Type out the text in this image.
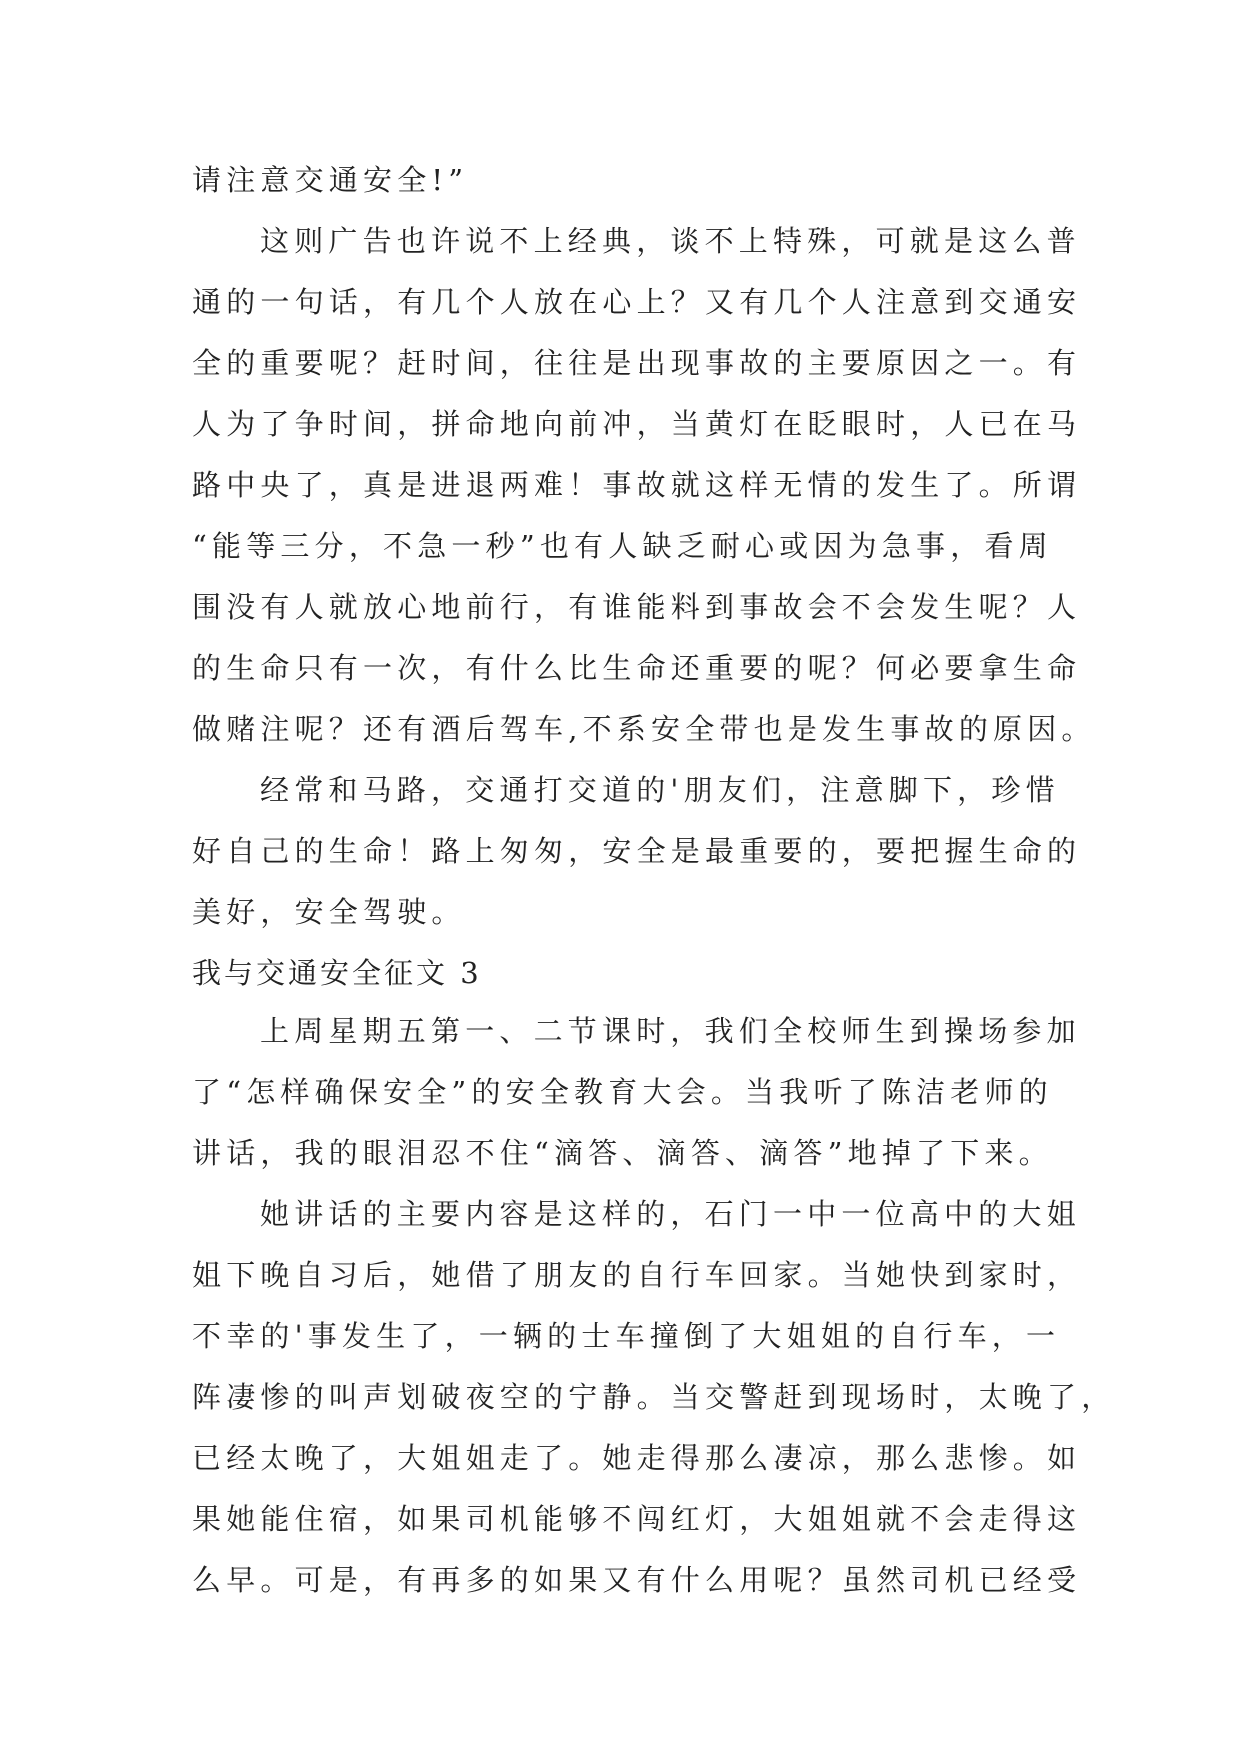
请注意交通安全!”
这则广告也许说不上经典，谈不上特殊，可就是这么普
通的一句话，有几个人放在心上？又有几个人注意到交通安
全的重要呢？赶时间，往往是出现事故的主要原因之一。有
人为了争时间，拼命地向前冲，当黄灯在眨眼时，人已在马
路中央了，真是进退两难！事故就这样无情的发生了。所谓
“能等三分，不急一秒”也有人缺乏耐心或因为急事，看周
围没有人就放心地前行，有谁能料到事故会不会发生呢？人
的生命只有一次，有什么比生命还重要的呢？何必要拿生命
做赌注呢？还有酒后驾车,不系安全带也是发生事故的原因。
经常和马路，交通打交道的'朋友们，注意脚下，珍惜
好自己的生命！路上匆匆，安全是最重要的，要把握生命的
美好，安全驾驶。
我与交通安全征文 3
上周星期五第一、二节课时，我们全校师生到操场参加
了“怎样确保安全”的安全教育大会。当我听了陈洁老师的
讲话，我的眼泪忍不住“滴答、滴答、滴答”地掉了下来。
她讲话的主要内容是这样的，石门一中一位高中的大姐
姐下晚自习后，她借了朋友的自行车回家。当她快到家时，
不幸的'事发生了，一辆的士车撞倒了大姐姐的自行车，一
阵凄惨的叫声划破夜空的宁静。当交警赶到现场时，太晚了，
已经太晚了，大姐姐走了。她走得那么凄凉，那么悲惨。如
果她能住宿，如果司机能够不闯红灯，大姐姐就不会走得这
么早。可是，有再多的如果又有什么用呢？虽然司机已经受
